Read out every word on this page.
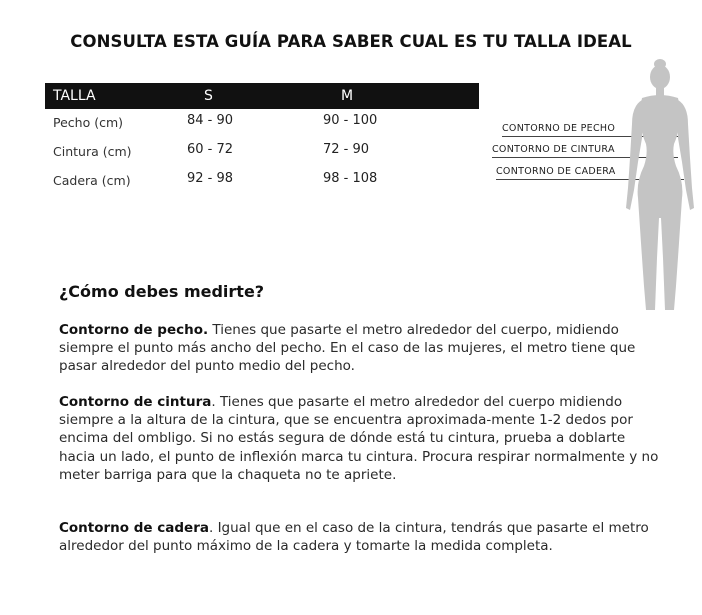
CONSULTA ESTA GUÍA PARA SABER CUAL ES TU TALLA IDEAL
TALLA	S	M
Pecho (cm)	84 - 90	90 - 100
Cintura (cm)	60 - 72	72 - 90
Cadera (cm)	92 - 98	98 - 108
CONTORNO DE PECHO
CONTORNO DE CINTURA
CONTORNO DE CADERA
¿Cómo debes medirte?
Contorno de pecho. Tienes que pasarte el metro alrededor del cuerpo, midiendo siempre el punto más ancho del pecho. En el caso de las mujeres, el metro tiene que pasar alrededor del punto medio del pecho.
Contorno de cintura. Tienes que pasarte el metro alrededor del cuerpo midiendo siempre a la altura de la cintura, que se encuentra aproximada-mente 1-2 dedos por encima del ombligo. Si no estás segura de dónde está tu cintura, prueba a doblarte hacia un lado, el punto de inflexión marca tu cintura. Procura respirar normalmente y no meter barriga para que la chaqueta no te apriete.
Contorno de cadera. Igual que en el caso de la cintura, tendrás que pasarte el metro alrededor del punto máximo de la cadera y tomarte la medida completa.
